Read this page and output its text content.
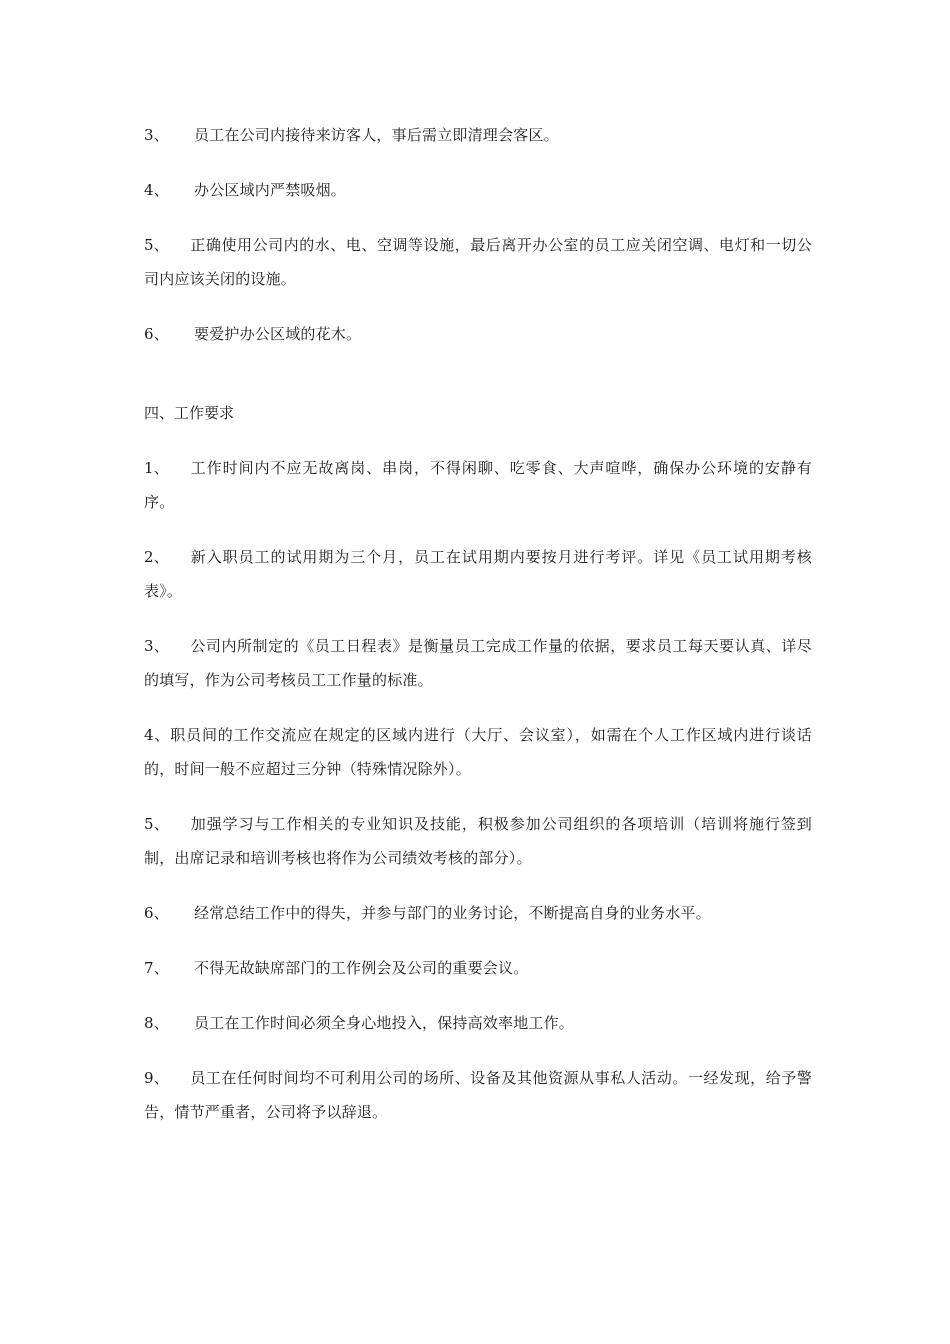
3、 员工在公司内接待来访客人，事后需立即清理会客区。

4、 办公区域内严禁吸烟。

5、 正确使用公司内的水、电、空调等设施，最后离开办公室的员工应关闭空调、电灯和一切公司内应该关闭的设施。

6、 要爱护办公区域的花木。

四、工作要求

1、 工作时间内不应无故离岗、串岗，不得闲聊、吃零食、大声喧哗，确保办公环境的安静有序。

2、 新入职员工的试用期为三个月，员工在试用期内要按月进行考评。详见《员工试用期考核表》。

3、 公司内所制定的《员工日程表》是衡量员工完成工作量的依据，要求员工每天要认真、详尽的填写，作为公司考核员工工作量的标准。

4、职员间的工作交流应在规定的区域内进行（大厅、会议室），如需在个人工作区域内进行谈话的，时间一般不应超过三分钟（特殊情况除外）。

5、 加强学习与工作相关的专业知识及技能，积极参加公司组织的各项培训（培训将施行签到制，出席记录和培训考核也将作为公司绩效考核的部分）。

6、 经常总结工作中的得失，并参与部门的业务讨论，不断提高自身的业务水平。

7、 不得无故缺席部门的工作例会及公司的重要会议。

8、 员工在工作时间必须全身心地投入，保持高效率地工作。

9、 员工在任何时间均不可利用公司的场所、设备及其他资源从事私人活动。一经发现，给予警告，情节严重者，公司将予以辞退。
